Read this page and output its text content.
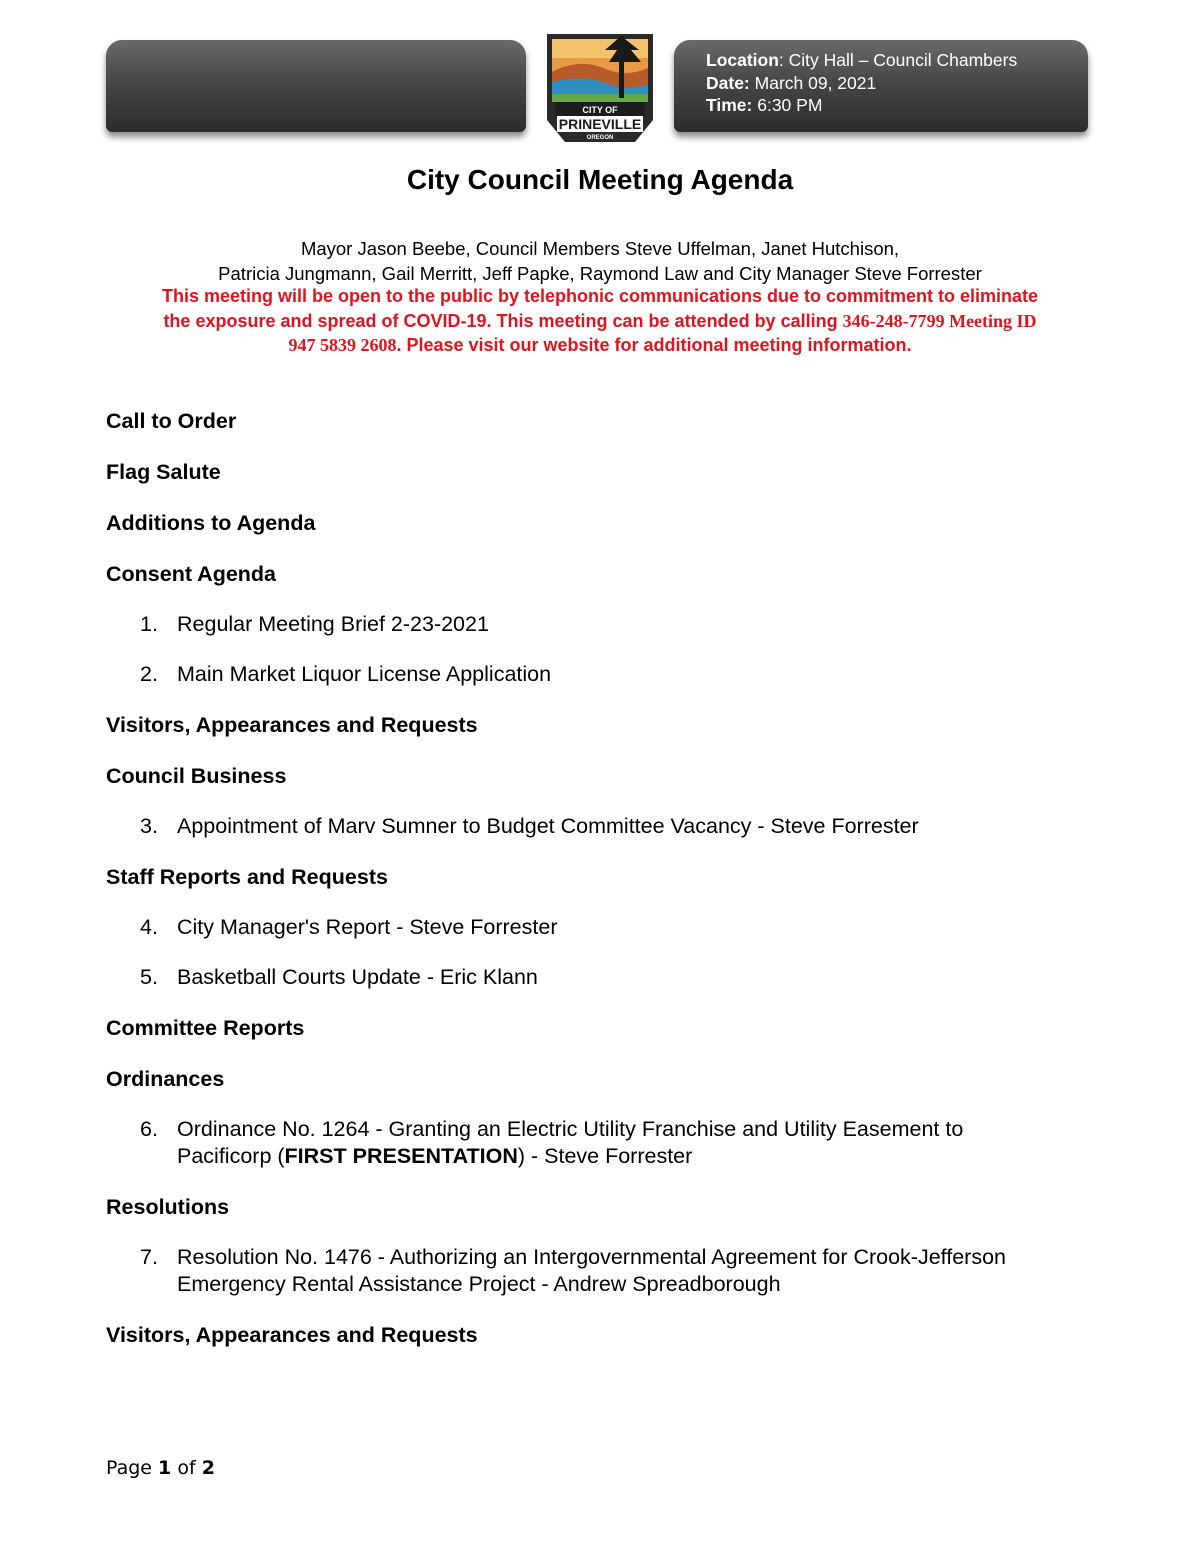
Location: City Hall – Council Chambers
Date: March 09, 2021
Time: 6:30 PM
CITY OF
PRINEVILLE
OREGON
City Council Meeting Agenda
Mayor Jason Beebe, Council Members Steve Uffelman, Janet Hutchison,
Patricia Jungmann, Gail Merritt, Jeff Papke, Raymond Law and City Manager Steve Forrester
This meeting will be open to the public by telephonic communications due to commitment to eliminate
the exposure and spread of COVID-19. This meeting can be attended by calling 346-248-7799 Meeting ID
947 5839 2608. Please visit our website for additional meeting information.
Call to Order
Flag Salute
Additions to Agenda
Consent Agenda
1. Regular Meeting Brief 2-23-2021
2. Main Market Liquor License Application
Visitors, Appearances and Requests
Council Business
3. Appointment of Marv Sumner to Budget Committee Vacancy - Steve Forrester
Staff Reports and Requests
4. City Manager's Report - Steve Forrester
5. Basketball Courts Update - Eric Klann
Committee Reports
Ordinances
6. Ordinance No. 1264 - Granting an Electric Utility Franchise and Utility Easement to
Pacificorp (FIRST PRESENTATION) - Steve Forrester
Resolutions
7. Resolution No. 1476 - Authorizing an Intergovernmental Agreement for Crook-Jefferson
Emergency Rental Assistance Project - Andrew Spreadborough
Visitors, Appearances and Requests
Page 1 of 2
